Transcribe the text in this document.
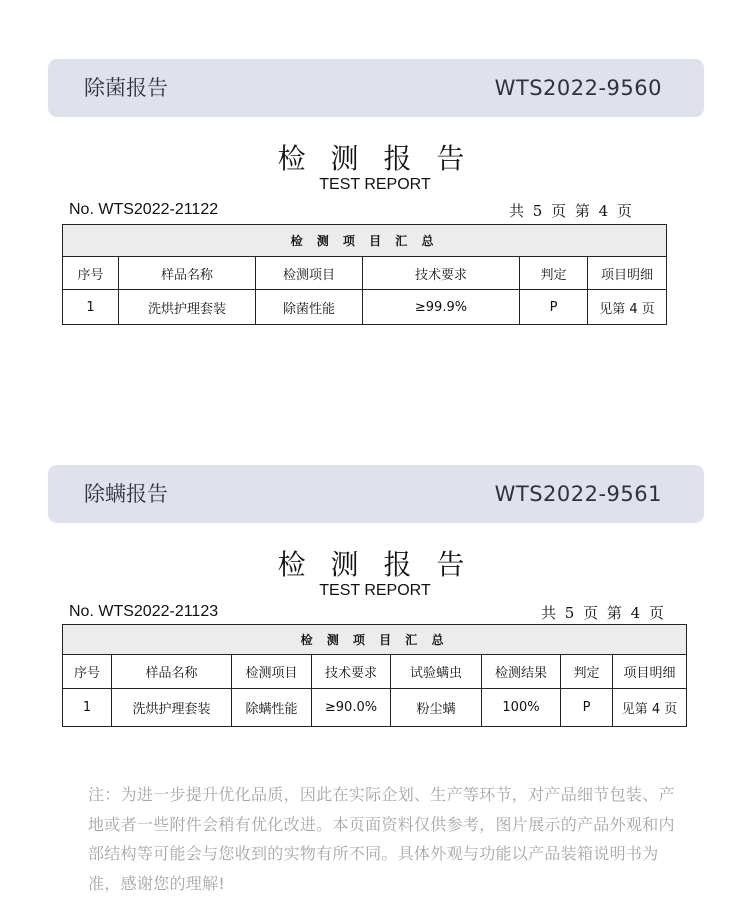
除菌报告	WTS2022-9560
检 测 报 告
TEST REPORT
No. WTS2022-21122	共 5 页 第 4 页
检 测 项 目 汇 总					
序号	样品名称	检测项目	技术要求	判定	项目明细
1	洗烘护理套装	除菌性能	≥99.9%	P	见第 4 页
除螨报告	WTS2022-9561
检 测 报 告
TEST REPORT
No. WTS2022-21123	共 5 页 第 4 页
检 测 项 目 汇 总							
序号	样品名称	检测项目	技术要求	试验螨虫	检测结果	判定	项目明细
1	洗烘护理套装	除螨性能	≥90.0%	粉尘螨	100%	P	见第 4 页
注：为进一步提升优化品质，因此在实际企划、生产等环节，对产品细节包装、产地或者一些附件会稍有优化改进。本页面资料仅供参考，图片展示的产品外观和内部结构等可能会与您收到的实物有所不同。具体外观与功能以产品装箱说明书为准，感谢您的理解!
